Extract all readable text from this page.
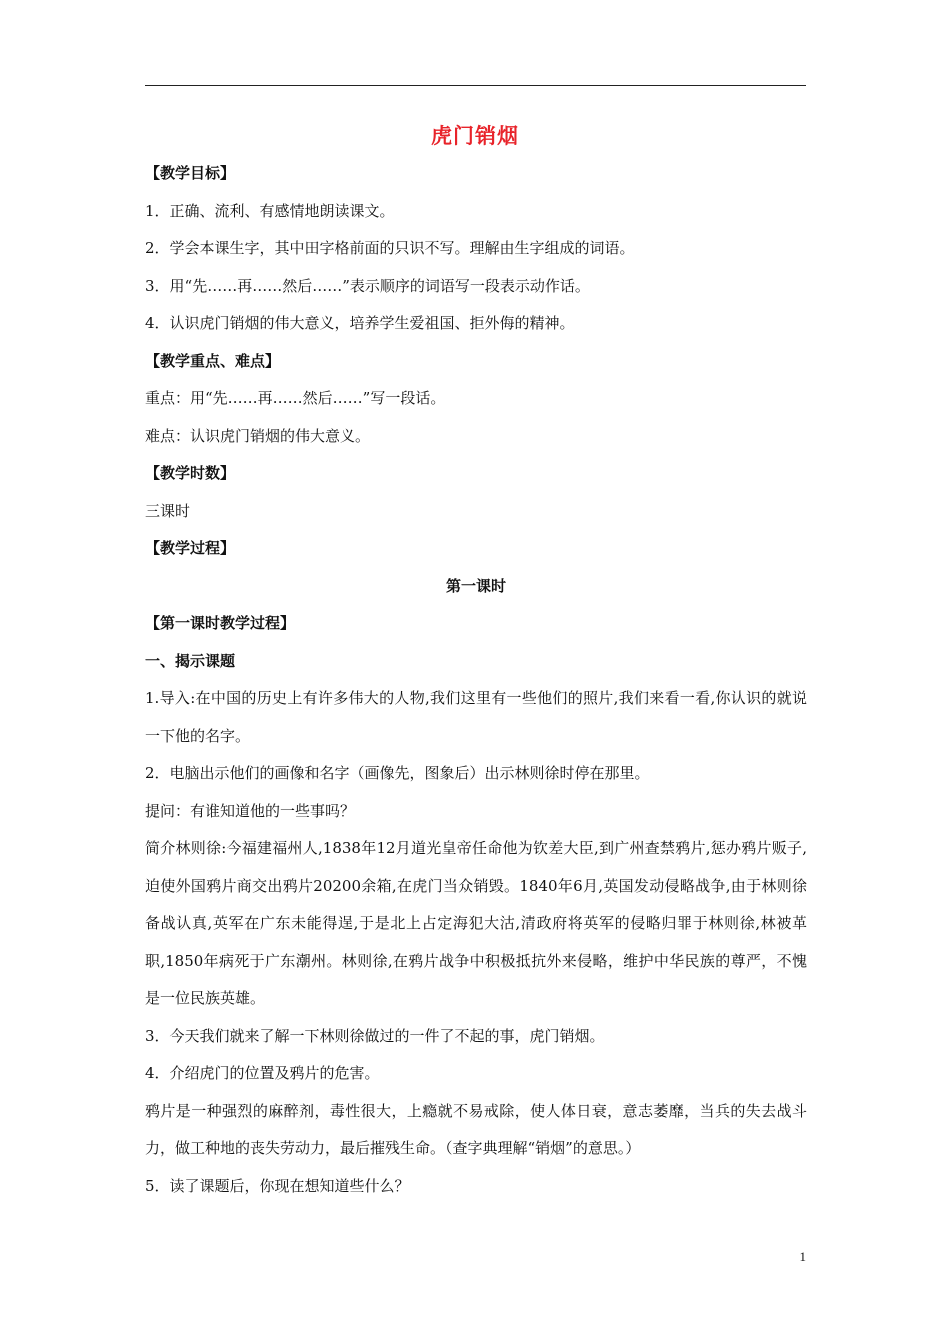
虎门销烟
【教学目标】
1．正确、流利、有感情地朗读课文。
2．学会本课生字，其中田字格前面的只识不写。理解由生字组成的词语。
3．用“先……再……然后……”表示顺序的词语写一段表示动作话。
4．认识虎门销烟的伟大意义，培养学生爱祖国、拒外侮的精神。
【教学重点、难点】
重点：用“先……再……然后……”写一段话。
难点：认识虎门销烟的伟大意义。
【教学时数】
三课时
【教学过程】
第一课时
【第一课时教学过程】
一、揭示课题
1.导入:在中国的历史上有许多伟大的人物,我们这里有一些他们的照片,我们来看一看,你认识的就说一下他的名字。
2．电脑出示他们的画像和名字（画像先，图象后）出示林则徐时停在那里。
提问：有谁知道他的一些事吗？
简介林则徐:今福建福州人,1838年12月道光皇帝任命他为钦差大臣,到广州查禁鸦片,惩办鸦片贩子,迫使外国鸦片商交出鸦片20200余箱,在虎门当众销毁。1840年6月,英国发动侵略战争,由于林则徐备战认真,英军在广东未能得逞,于是北上占定海犯大沽,清政府将英军的侵略归罪于林则徐,林被革职,1850年病死于广东潮州。林则徐,在鸦片战争中积极抵抗外来侵略，维护中华民族的尊严，不愧是一位民族英雄。
3．今天我们就来了解一下林则徐做过的一件了不起的事，虎门销烟。
4．介绍虎门的位置及鸦片的危害。
鸦片是一种强烈的麻醉剂，毒性很大，上瘾就不易戒除，使人体日衰，意志萎靡，当兵的失去战斗力，做工种地的丧失劳动力，最后摧残生命。（查字典理解“销烟”的意思。）
5．读了课题后，你现在想知道些什么？
1
